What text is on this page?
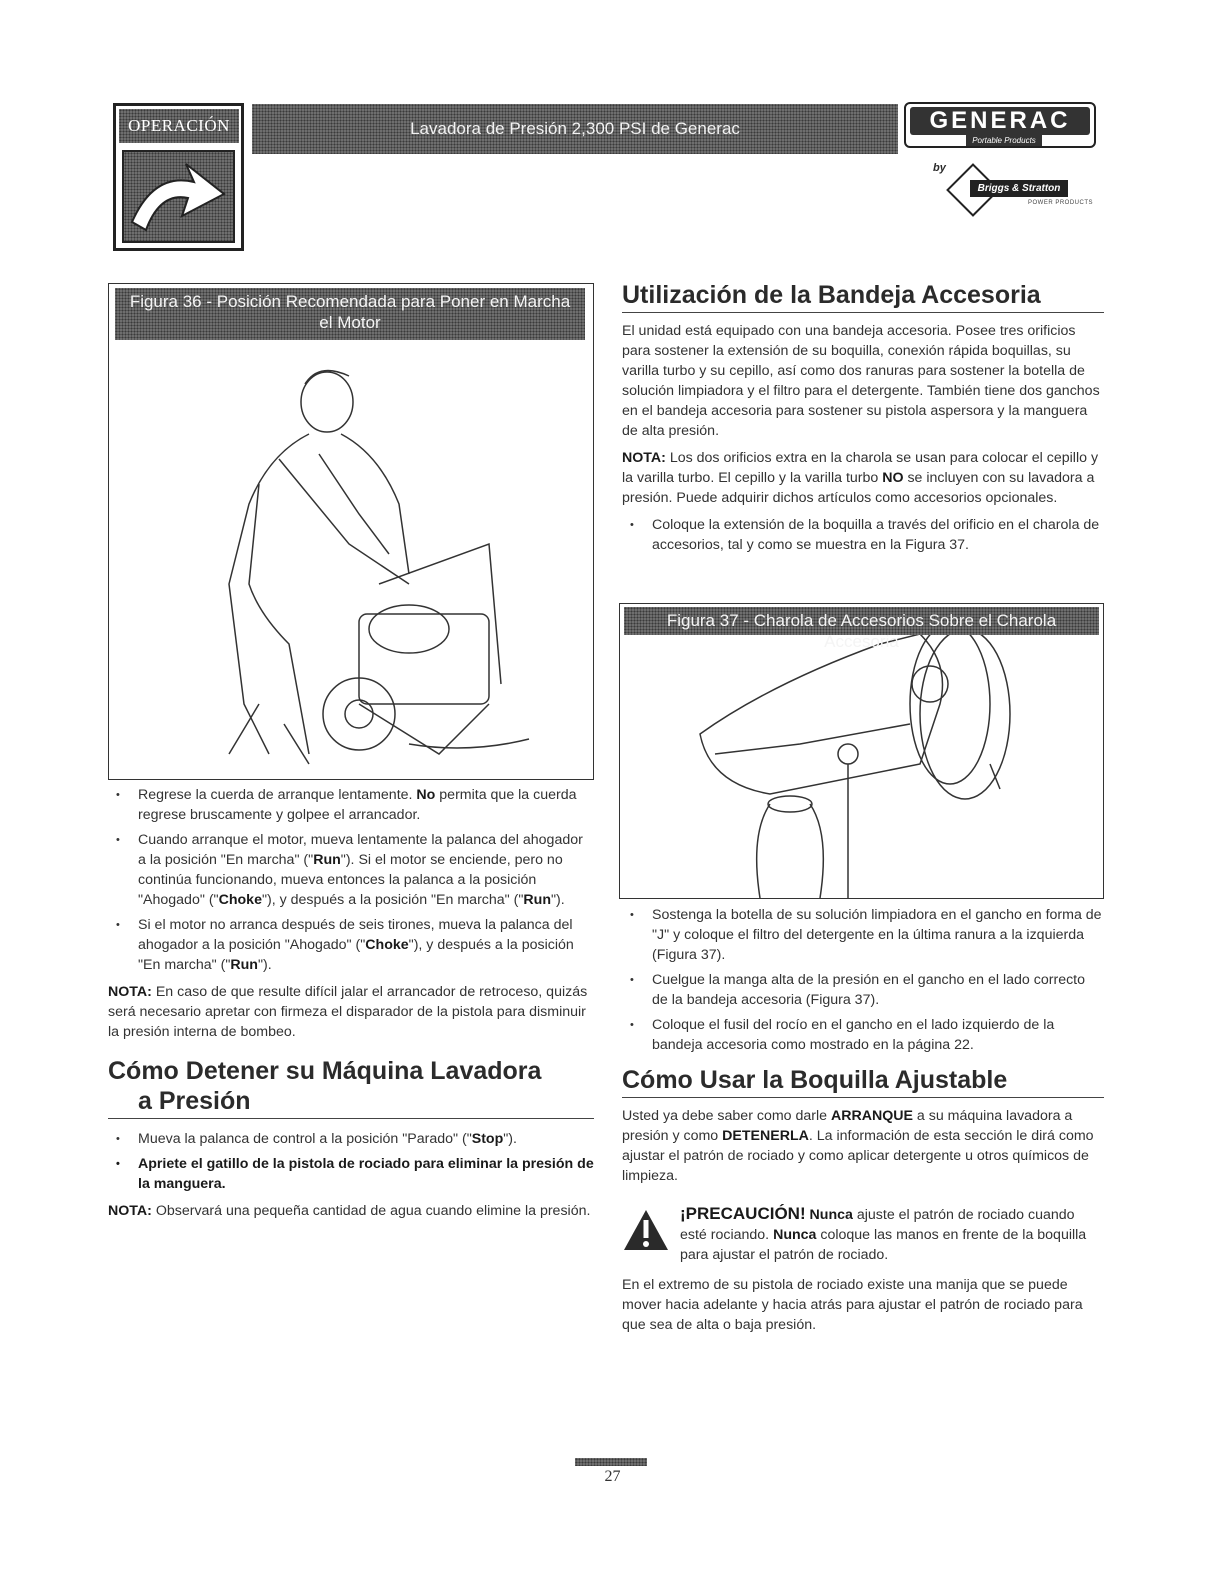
OPERACIÓN	Lavadora de Presión 2,300 PSI de Generac	GENERAC
Portable Products
by
Briggs & Stratton
POWER PRODUCTS
Figura 36 - Posición Recomendada para Poner en Marcha el Motor
• Regrese la cuerda de arranque lentamente. No permita que la cuerda regrese bruscamente y golpee el arrancador.
• Cuando arranque el motor, mueva lentamente la palanca del ahogador a la posición "En marcha" ("Run"). Si el motor se enciende, pero no continúa funcionando, mueva entonces la palanca a la posición "Ahogado" ("Choke"), y después a la posición "En marcha" ("Run").
• Si el motor no arranca después de seis tirones, mueva la palanca del ahogador a la posición "Ahogado" ("Choke"), y después a la posición "En marcha" ("Run").

NOTA: En caso de que resulte difícil jalar el arrancador de retroceso, quizás será necesario apretar con firmeza el disparador de la pistola para disminuir la presión interna de bombeo.

Cómo Detener su Máquina Lavadora
a Presión
• Mueva la palanca de control a la posición "Parado" ("Stop").
• Apriete el gatillo de la pistola de rociado para eliminar la presión de la manguera.

NOTA: Observará una pequeña cantidad de agua cuando elimine la presión.

Utilización de la Bandeja Accesoria

El unidad está equipado con una bandeja accesoria. Posee tres orificios para sostener la extensión de su boquilla, conexión rápida boquillas, su varilla turbo y su cepillo, así como dos ranuras para sostener la botella de solución limpiadora y el filtro para el detergente. También tiene dos ganchos en el bandeja accesoria para sostener su pistola aspersora y la manguera de alta presión.

NOTA: Los dos orificios extra en la charola se usan para colocar el cepillo y la varilla turbo. El cepillo y la varilla turbo NO se incluyen con su lavadora a presión. Puede adquirir dichos artículos como accesorios opcionales.

• Coloque la extensión de la boquilla a través del orificio en el charola de accesorios, tal y como se muestra en la Figura 37.
Figura 37 - Charola de Accesorios Sobre el Charola Accesoria
• Sostenga la botella de su solución limpiadora en el gancho en forma de "J" y coloque el filtro del detergente en la última ranura a la izquierda (Figura 37).
• Cuelgue la manga alta de la presión en el gancho en el lado correcto de la bandeja accesoria (Figura 37).
• Coloque el fusil del rocío en el gancho en el lado izquierdo de la bandeja accesoria como mostrado en la página 22.
Cómo Usar la Boquilla Ajustable

Usted ya debe saber como darle ARRANQUE a su máquina lavadora a presión y como DETENERLA. La información de esta sección le dirá como ajustar el patrón de rociado y como aplicar detergente u otros químicos de limpieza.

¡PRECAUCIÓN! Nunca ajuste el patrón de rociado cuando esté rociando. Nunca coloque las manos en frente de la boquilla para ajustar el patrón de rociado.

En el extremo de su pistola de rociado existe una manija que se puede mover hacia adelante y hacia atrás para ajustar el patrón de rociado para que sea de alta o baja presión.

27
